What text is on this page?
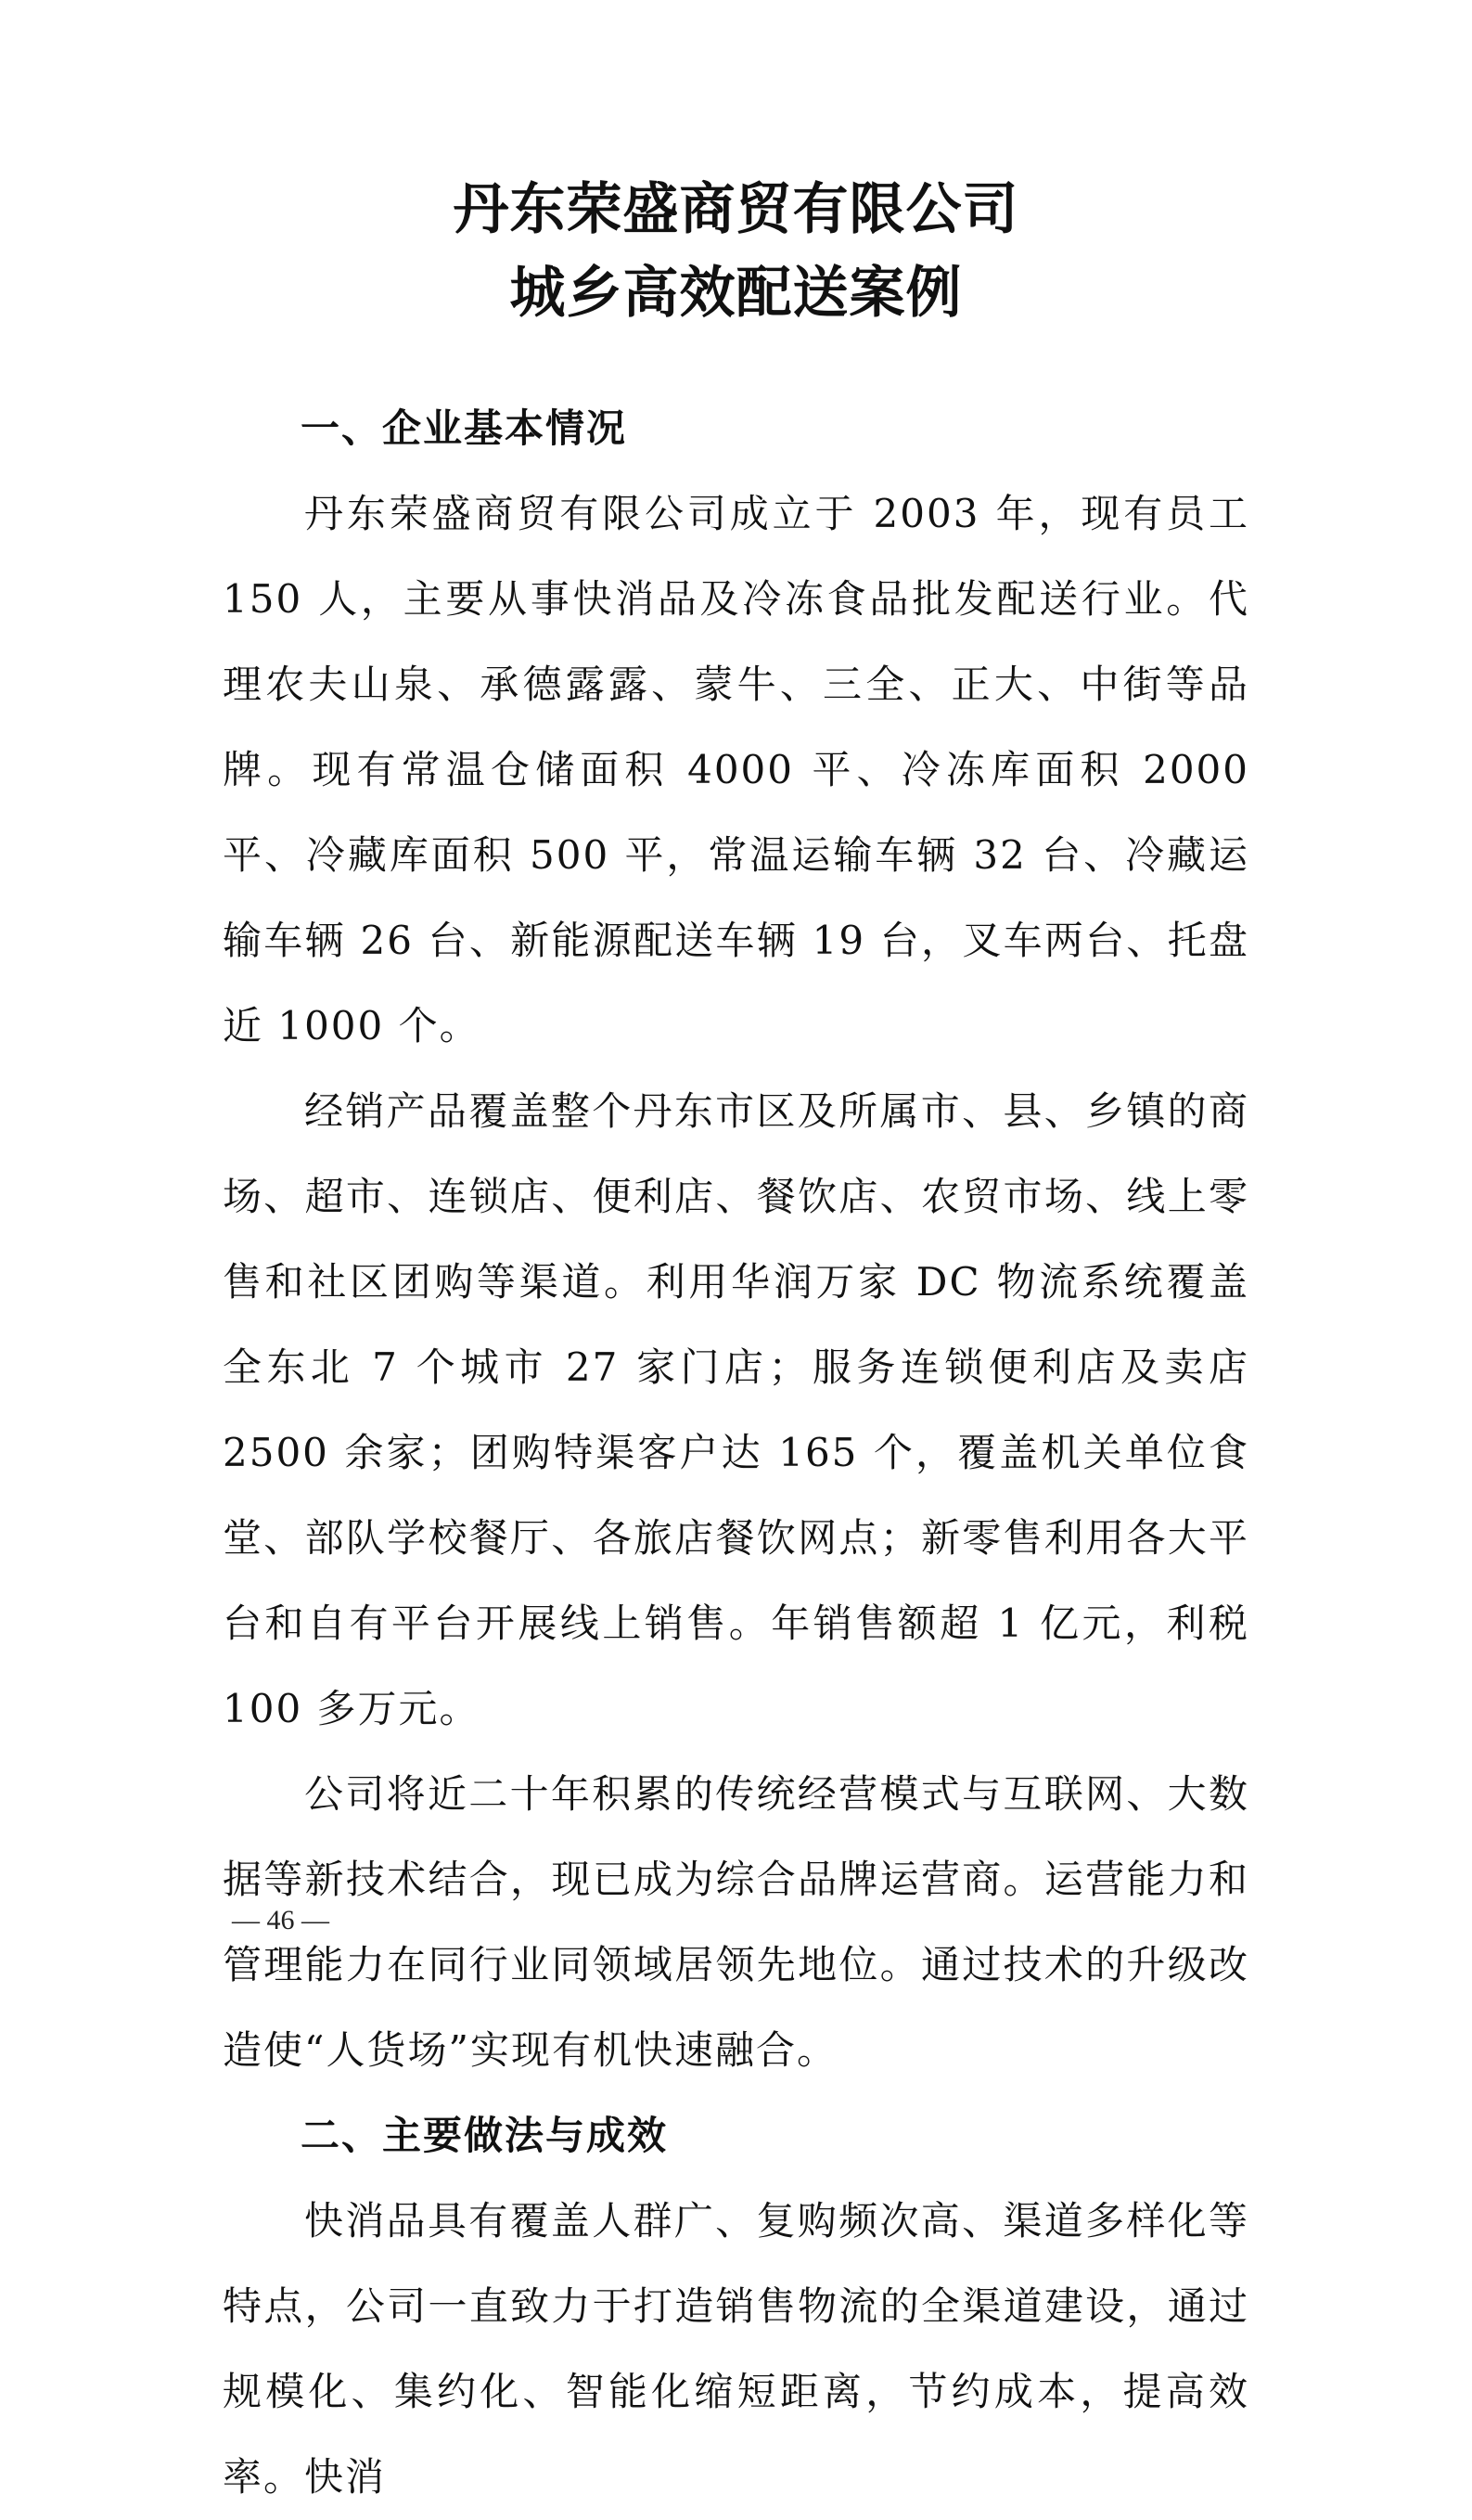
丹东荣盛商贸有限公司
城乡高效配送案例

一、企业基本情况

丹东荣盛商贸有限公司成立于 2003 年，现有员工 150 人，主要从事快消品及冷冻食品批发配送行业。代理农夫山泉、承德露露、蒙牛、三全、正大、中街等品牌。现有常温仓储面积 4000 平、冷冻库面积 2000 平、冷藏库面积 500 平，常温运输车辆 32 台、冷藏运输车辆 26 台、新能源配送车辆 19 台，叉车两台、托盘近 1000 个。

经销产品覆盖整个丹东市区及所属市、县、乡镇的商场、超市、连锁店、便利店、餐饮店、农贸市场、线上零售和社区团购等渠道。利用华润万家 DC 物流系统覆盖全东北 7 个城市 27 家门店；服务连锁便利店及卖店 2500 余家；团购特渠客户达 165 个，覆盖机关单位食堂、部队学校餐厅、各旅店餐饮网点；新零售利用各大平台和自有平台开展线上销售。年销售额超 1 亿元，利税 100 多万元。

公司将近二十年积累的传统经营模式与互联网、大数据等新技术结合，现已成为综合品牌运营商。运营能力和管理能力在同行业同领域居领先地位。通过技术的升级改造使“人货场”实现有机快速融合。

二、主要做法与成效

快消品具有覆盖人群广、复购频次高、渠道多样化等特点，公司一直致力于打造销售物流的全渠道建设，通过规模化、集约化、智能化缩短距离，节约成本，提高效率。快消

— 46 —
